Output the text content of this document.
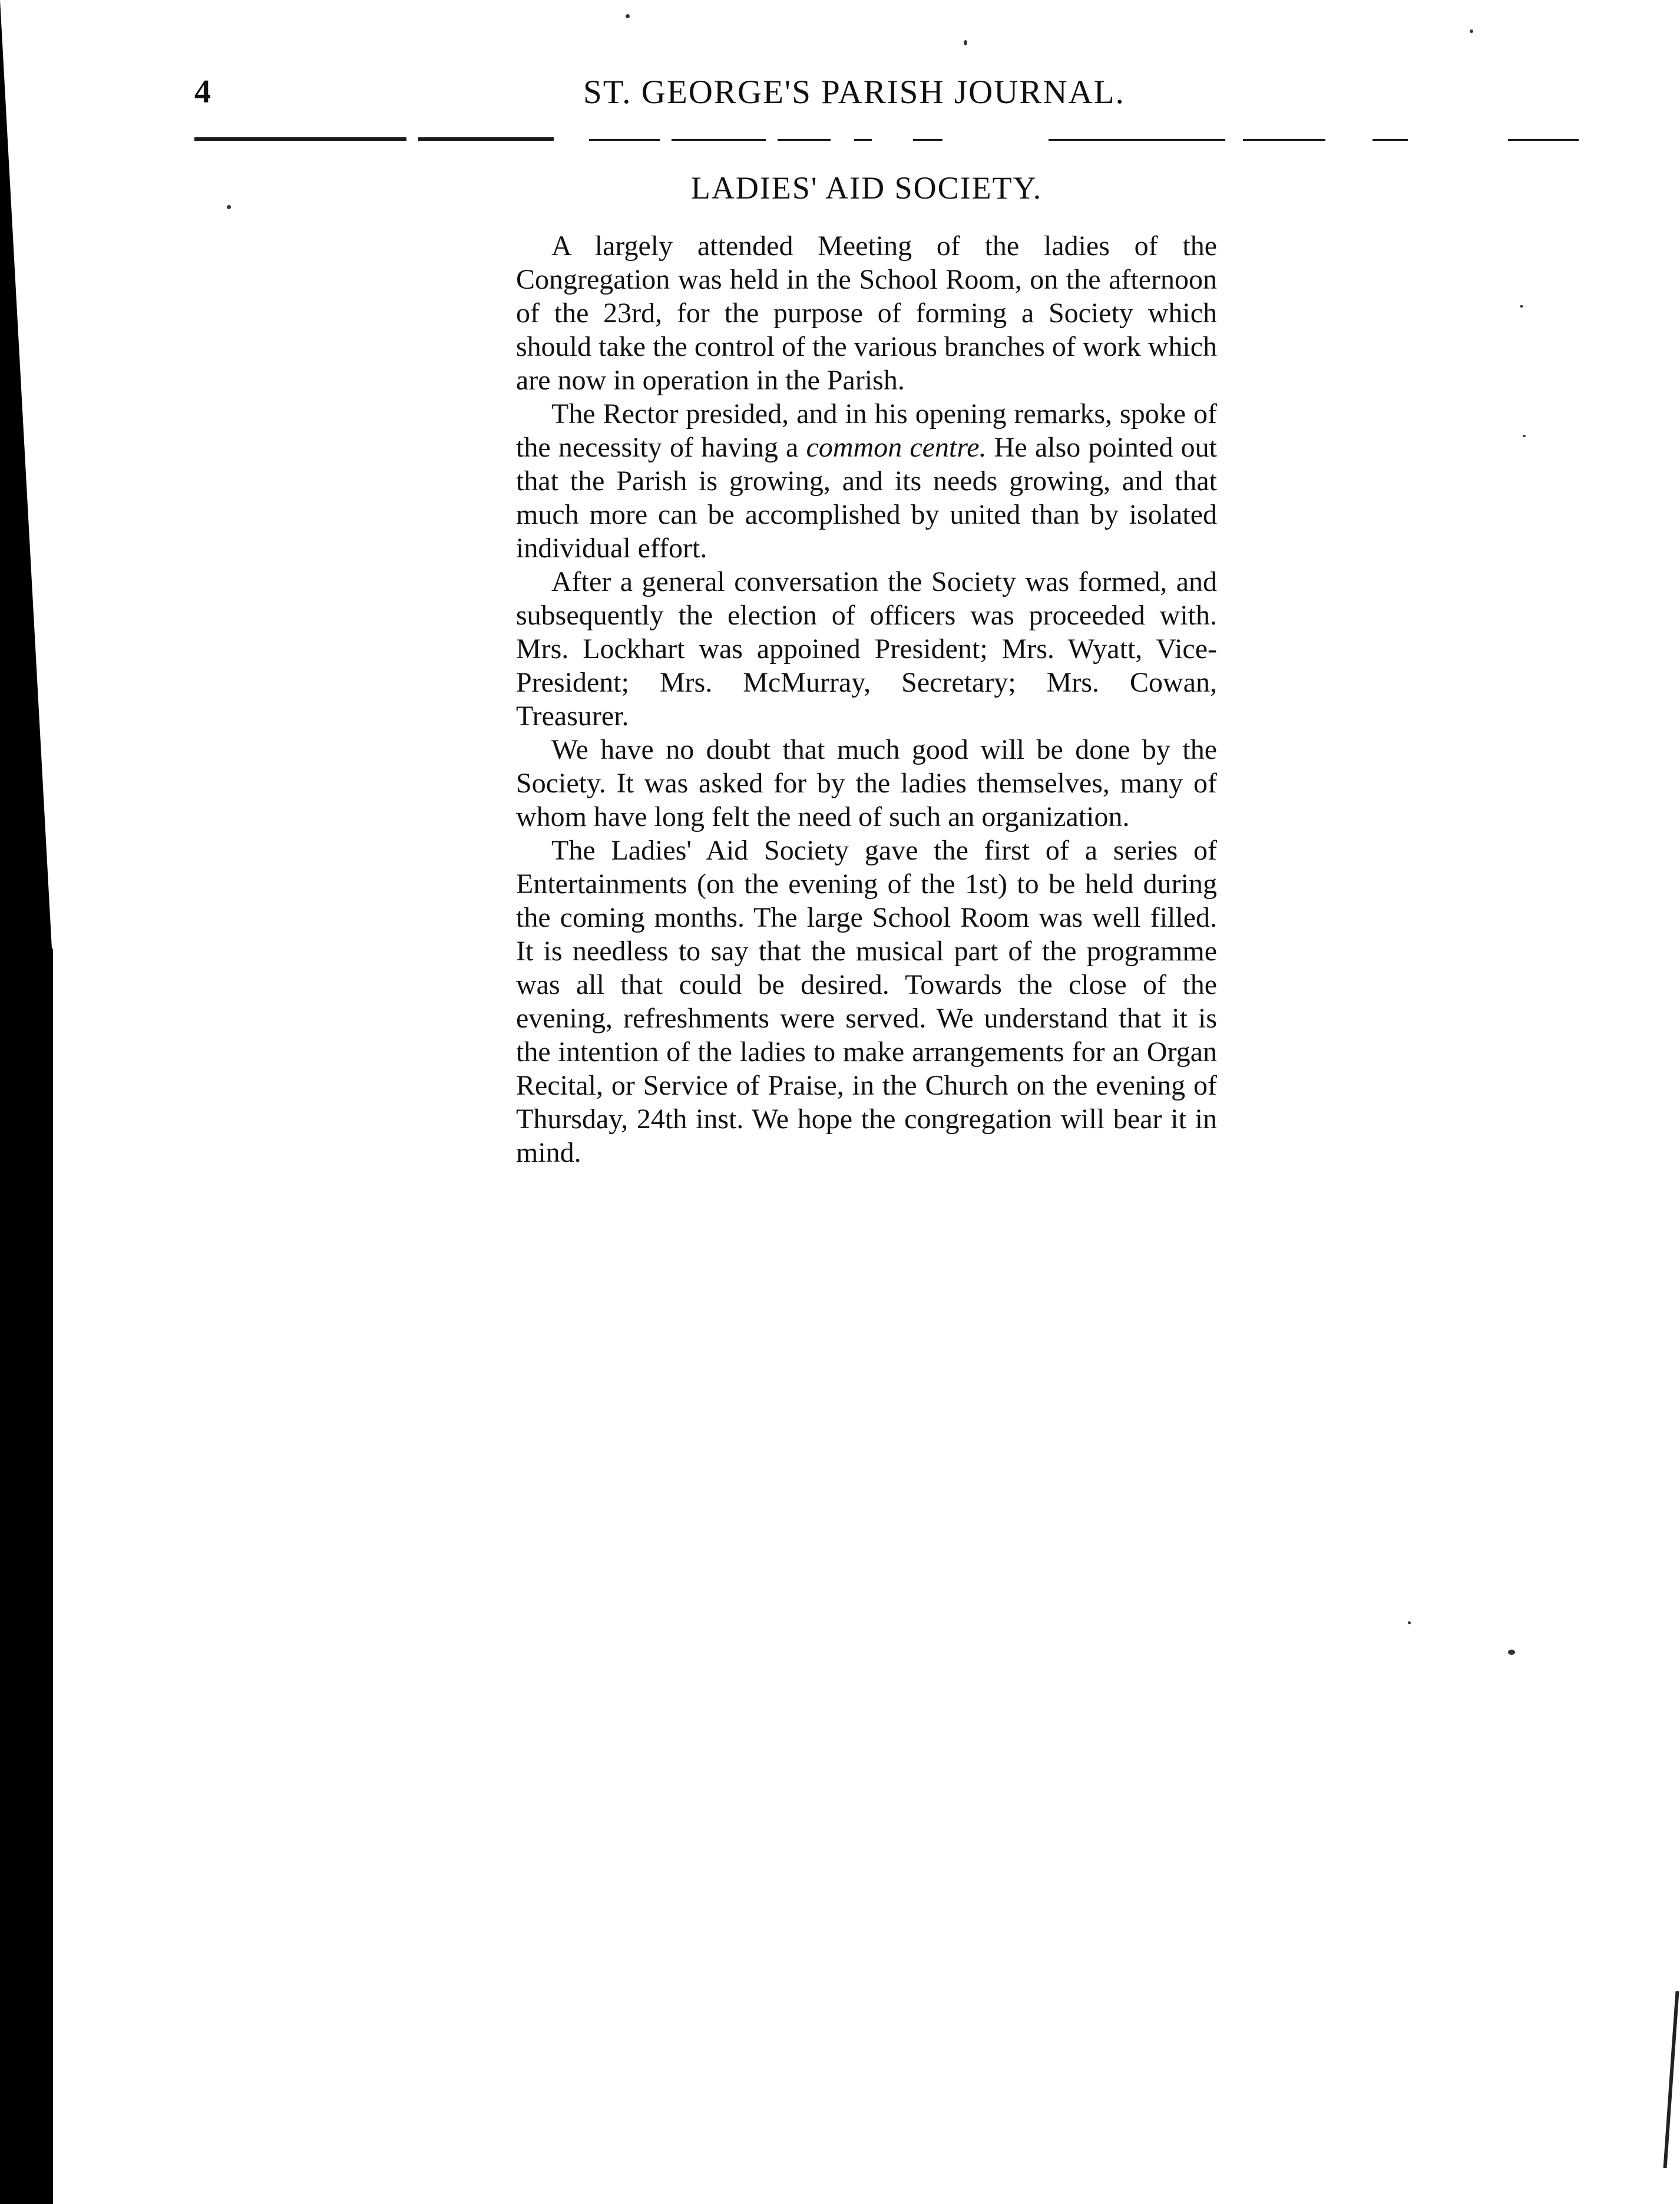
4	ST. GEORGE'S PARISH JOURNAL.
LADIES' AID SOCIETY.

A largely attended Meeting of the ladies of the Congregation was held in the School Room, on the afternoon of the 23rd, for the purpose of forming a Society which should take the control of the various branches of work which are now in operation in the Parish.

The Rector presided, and in his opening remarks, spoke of the necessity of having a common centre. He also pointed out that the Parish is growing, and its needs growing, and that much more can be accomplished by united than by isolated individual effort.

After a general conversation the Society was formed, and subsequently the election of officers was proceeded with. Mrs. Lockhart was appoined President; Mrs. Wyatt, Vice-President; Mrs. McMurray, Secretary; Mrs. Cowan, Treasurer.

We have no doubt that much good will be done by the Society. It was asked for by the ladies themselves, many of whom have long felt the need of such an organization.

The Ladies' Aid Society gave the first of a series of Entertainments (on the evening of the 1st) to be held during the coming months. The large School Room was well filled. It is needless to say that the musical part of the programme was all that could be desired. Towards the close of the evening, refreshments were served. We understand that it is the intention of the ladies to make arrangements for an Organ Recital, or Service of Praise, in the Church on the evening of Thursday, 24th inst. We hope the congregation will bear it in mind.
